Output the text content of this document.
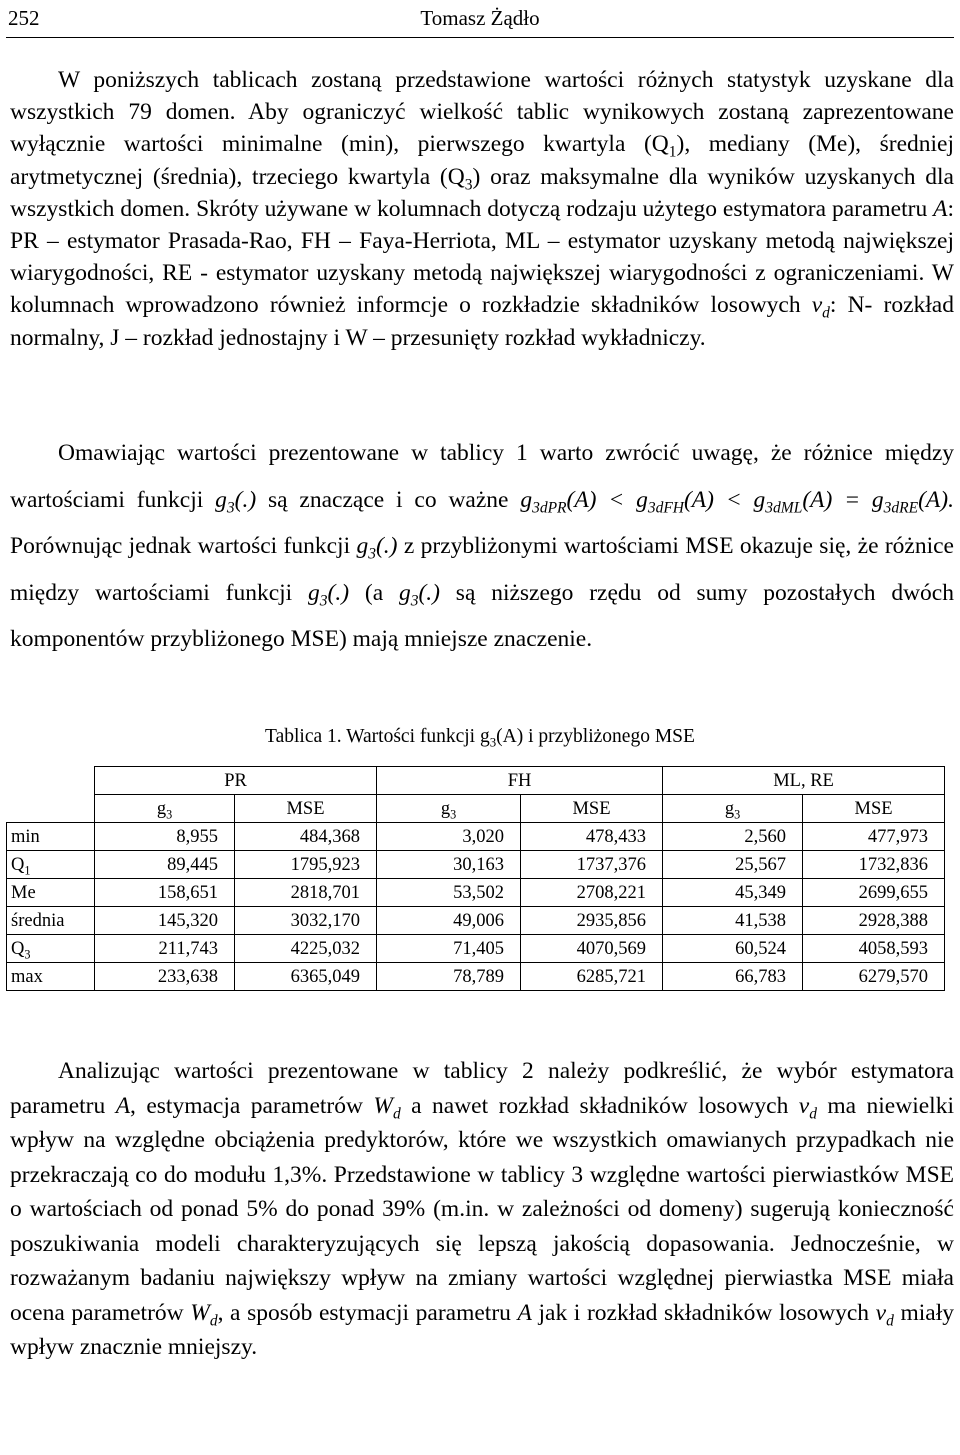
252	Tomasz Żądło
W poniższych tablicach zostaną przedstawione wartości różnych statystyk uzyskane dla wszystkich 79 domen. Aby ograniczyć wielkość tablic wynikowych zostaną zaprezentowane wyłącznie wartości minimalne (min), pierwszego kwartyla $(Q_1)$, mediany (Me), średniej arytmetycznej (średnia), trzeciego kwartyla $(Q_3)$ oraz maksymalne dla wyników uzyskanych dla wszystkich domen. Skróty używane w kolumnach dotyczą rodzaju użytego estymatora parametru A: PR – estymator Prasada-Rao, FH – Faya-Herriota, ML – estymator uzyskany metodą największej wiarygodności, RE - estymator uzyskany metodą największej wiarygodności z ograniczeniami. W kolumnach wprowadzono również informcje o rozkładzie składników losowych $v_d$: N- rozkład normalny, J – rozkład jednostajny i W – przesunięty rozkład wykładniczy.
Omawiając wartości prezentowane w tablicy 1 warto zwrócić uwagę, że różnice między wartościami funkcji $g_3(.)$ są znaczące i co ważne $g_{3dPR}(A) < g_{3dFH}(A) < g_{3dML}(A) = g_{3dRE}(A)$. Porównując jednak wartości funkcji $g_3(.)$ z przybliżonymi wartościami MSE okazuje się, że różnice między wartościami funkcji $g_3(.)$ (a $g_3(.)$ są niższego rzędu od sumy pozostałych dwóch komponentów przybliżonego MSE) mają mniejsze znaczenie.
Tablica 1. Wartości funkcji $g_3(A)$ i przybliżonego MSE
	PR		FH		ML, RE	
	$g_3$	MSE	$g_3$	MSE	$g_3$	MSE
min	8,955	484,368	3,020	478,433	2,560	477,973
$Q_1$	89,445	1795,923	30,163	1737,376	25,567	1732,836
Me	158,651	2818,701	53,502	2708,221	45,349	2699,655
średnia	145,320	3032,170	49,006	2935,856	41,538	2928,388
$Q_3$	211,743	4225,032	71,405	4070,569	60,524	4058,593
max	233,638	6365,049	78,789	6285,721	66,783	6279,570
Analizując wartości prezentowane w tablicy 2 należy podkreślić, że wybór estymatora parametru A, estymacja parametrów $W_d$ a nawet rozkład składników losowych $v_d$ ma niewielki wpływ na względne obciążenia predyktorów, które we wszystkich omawianych przypadkach nie przekraczają co do modułu 1,3%. Przedstawione w tablicy 3 względne wartości pierwiastków MSE o wartościach od ponad 5% do ponad 39% (m.in. w zależności od domeny) sugerują konieczność poszukiwania modeli charakteryzujących się lepszą jakością dopasowania. Jednocześnie, w rozważanym badaniu największy wpływ na zmiany wartości względnej pierwiastka MSE miała ocena parametrów $W_d$, a sposób estymacji parametru A jak i rozkład składników losowych $v_d$ miały wpływ znacznie mniejszy.
